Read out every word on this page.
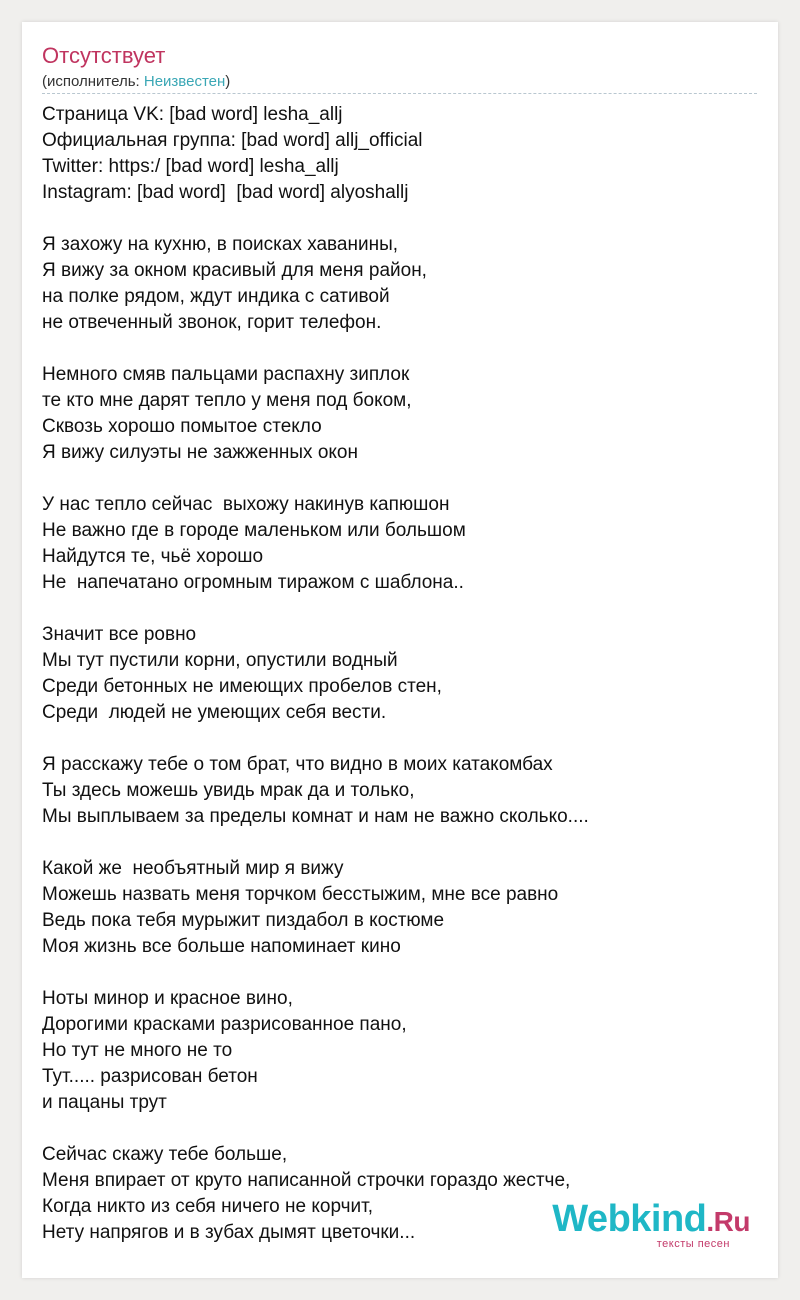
Отсутствует
(исполнитель: Неизвестен)
Страница VK: [bad word] lesha_allj
Официальная группа: [bad word] allj_official
Twitter: https:/ [bad word] lesha_allj
Instagram: [bad word]  [bad word] alyoshallj
Я захожу на кухню, в поисках хаванины,
Я вижу за окном красивый для меня район,
на полке рядом, ждут индика с сативой
не отвеченный звонок, горит телефон.
Немного смяв пальцами распахну зиплок
те кто мне дарят тепло у меня под боком,
Сквозь хорошо помытое стекло
Я вижу силуэты не зажженных окон
У нас тепло сейчас  выхожу накинув капюшон
Не важно где в городе маленьком или большом
Найдутся те, чьё хорошо
Не  напечатано огромным тиражом с шаблона..
Значит все ровно
Мы тут пустили корни, опустили водный
Среди бетонных не имеющих пробелов стен,
Среди  людей не умеющих себя вести.
Я расскажу тебе о том брат, что видно в моих катакомбах
Ты здесь можешь увидь мрак да и только,
Мы выплываем за пределы комнат и нам не важно сколько....
Какой же  необъятный мир я вижу
Можешь назвать меня торчком бесстыжим, мне все равно
Ведь пока тебя мурыжит пиздабол в костюме
Моя жизнь все больше напоминает кино
Ноты минор и красное вино,
Дорогими красками разрисованное пано,
Но тут не много не то
Тут..... разрисован бетон
и пацаны трут
Сейчас скажу тебе больше,
Меня впирает от круто написанной строчки гораздо жестче,
Когда никто из себя ничего не корчит,
Нету напрягов и в зубах дымят цветочки...	Webkind.Ru
тексты песен
